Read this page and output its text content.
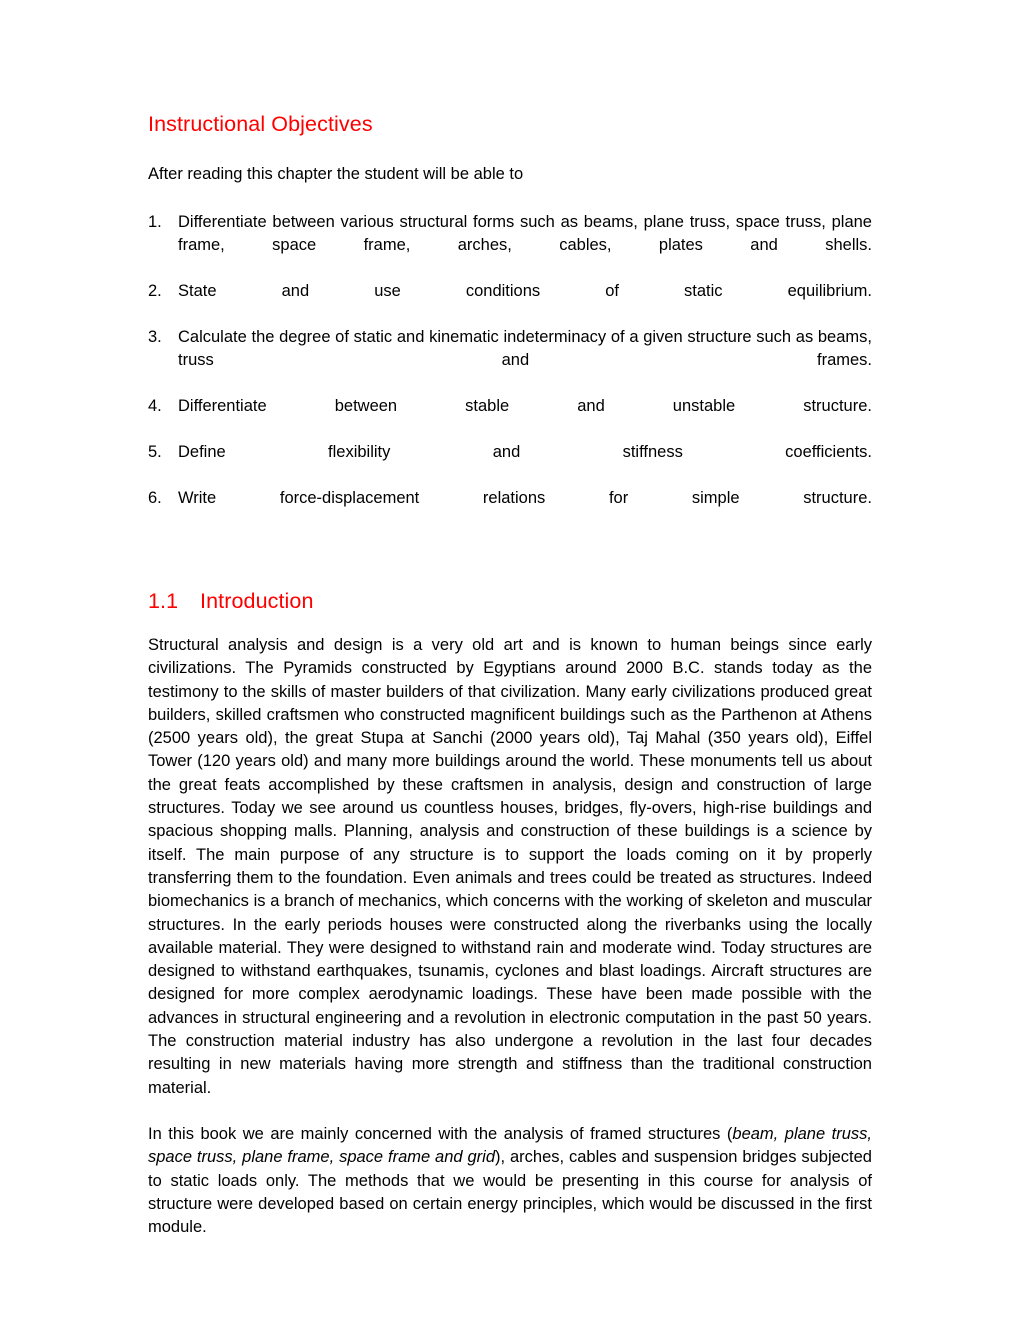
Instructional Objectives

After reading this chapter the student will be able to

1. Differentiate between various structural forms such as beams, plane truss, space truss, plane frame, space frame, arches, cables, plates and shells.
2. State and use conditions of static equilibrium.
3. Calculate the degree of static and kinematic indeterminacy of a given structure such as beams, truss and frames.
4. Differentiate between stable and unstable structure.
5. Define flexibility and stiffness coefficients.
6. Write force-displacement relations for simple structure.
1.1	Introduction

Structural analysis and design is a very old art and is known to human beings since early civilizations. The Pyramids constructed by Egyptians around 2000 B.C. stands today as the testimony to the skills of master builders of that civilization. Many early civilizations produced great builders, skilled craftsmen who constructed magnificent buildings such as the Parthenon at Athens (2500 years old), the great Stupa at Sanchi (2000 years old), Taj Mahal (350 years old), Eiffel Tower (120 years old) and many more buildings around the world. These monuments tell us about the great feats accomplished by these craftsmen in analysis, design and construction of large structures. Today we see around us countless houses, bridges, fly-overs, high-rise buildings and spacious shopping malls. Planning, analysis and construction of these buildings is a science by itself. The main purpose of any structure is to support the loads coming on it by properly transferring them to the foundation. Even animals and trees could be treated as structures. Indeed biomechanics is a branch of mechanics, which concerns with the working of skeleton and muscular structures. In the early periods houses were constructed along the riverbanks using the locally available material. They were designed to withstand rain and moderate wind. Today structures are designed to withstand earthquakes, tsunamis, cyclones and blast loadings. Aircraft structures are designed for more complex aerodynamic loadings. These have been made possible with the advances in structural engineering and a revolution in electronic computation in the past 50 years. The construction material industry has also undergone a revolution in the last four decades resulting in new materials having more strength and stiffness than the traditional construction material.

In this book we are mainly concerned with the analysis of framed structures (beam, plane truss, space truss, plane frame, space frame and grid), arches, cables and suspension bridges subjected to static loads only. The methods that we would be presenting in this course for analysis of structure were developed based on certain energy principles, which would be discussed in the first module.
